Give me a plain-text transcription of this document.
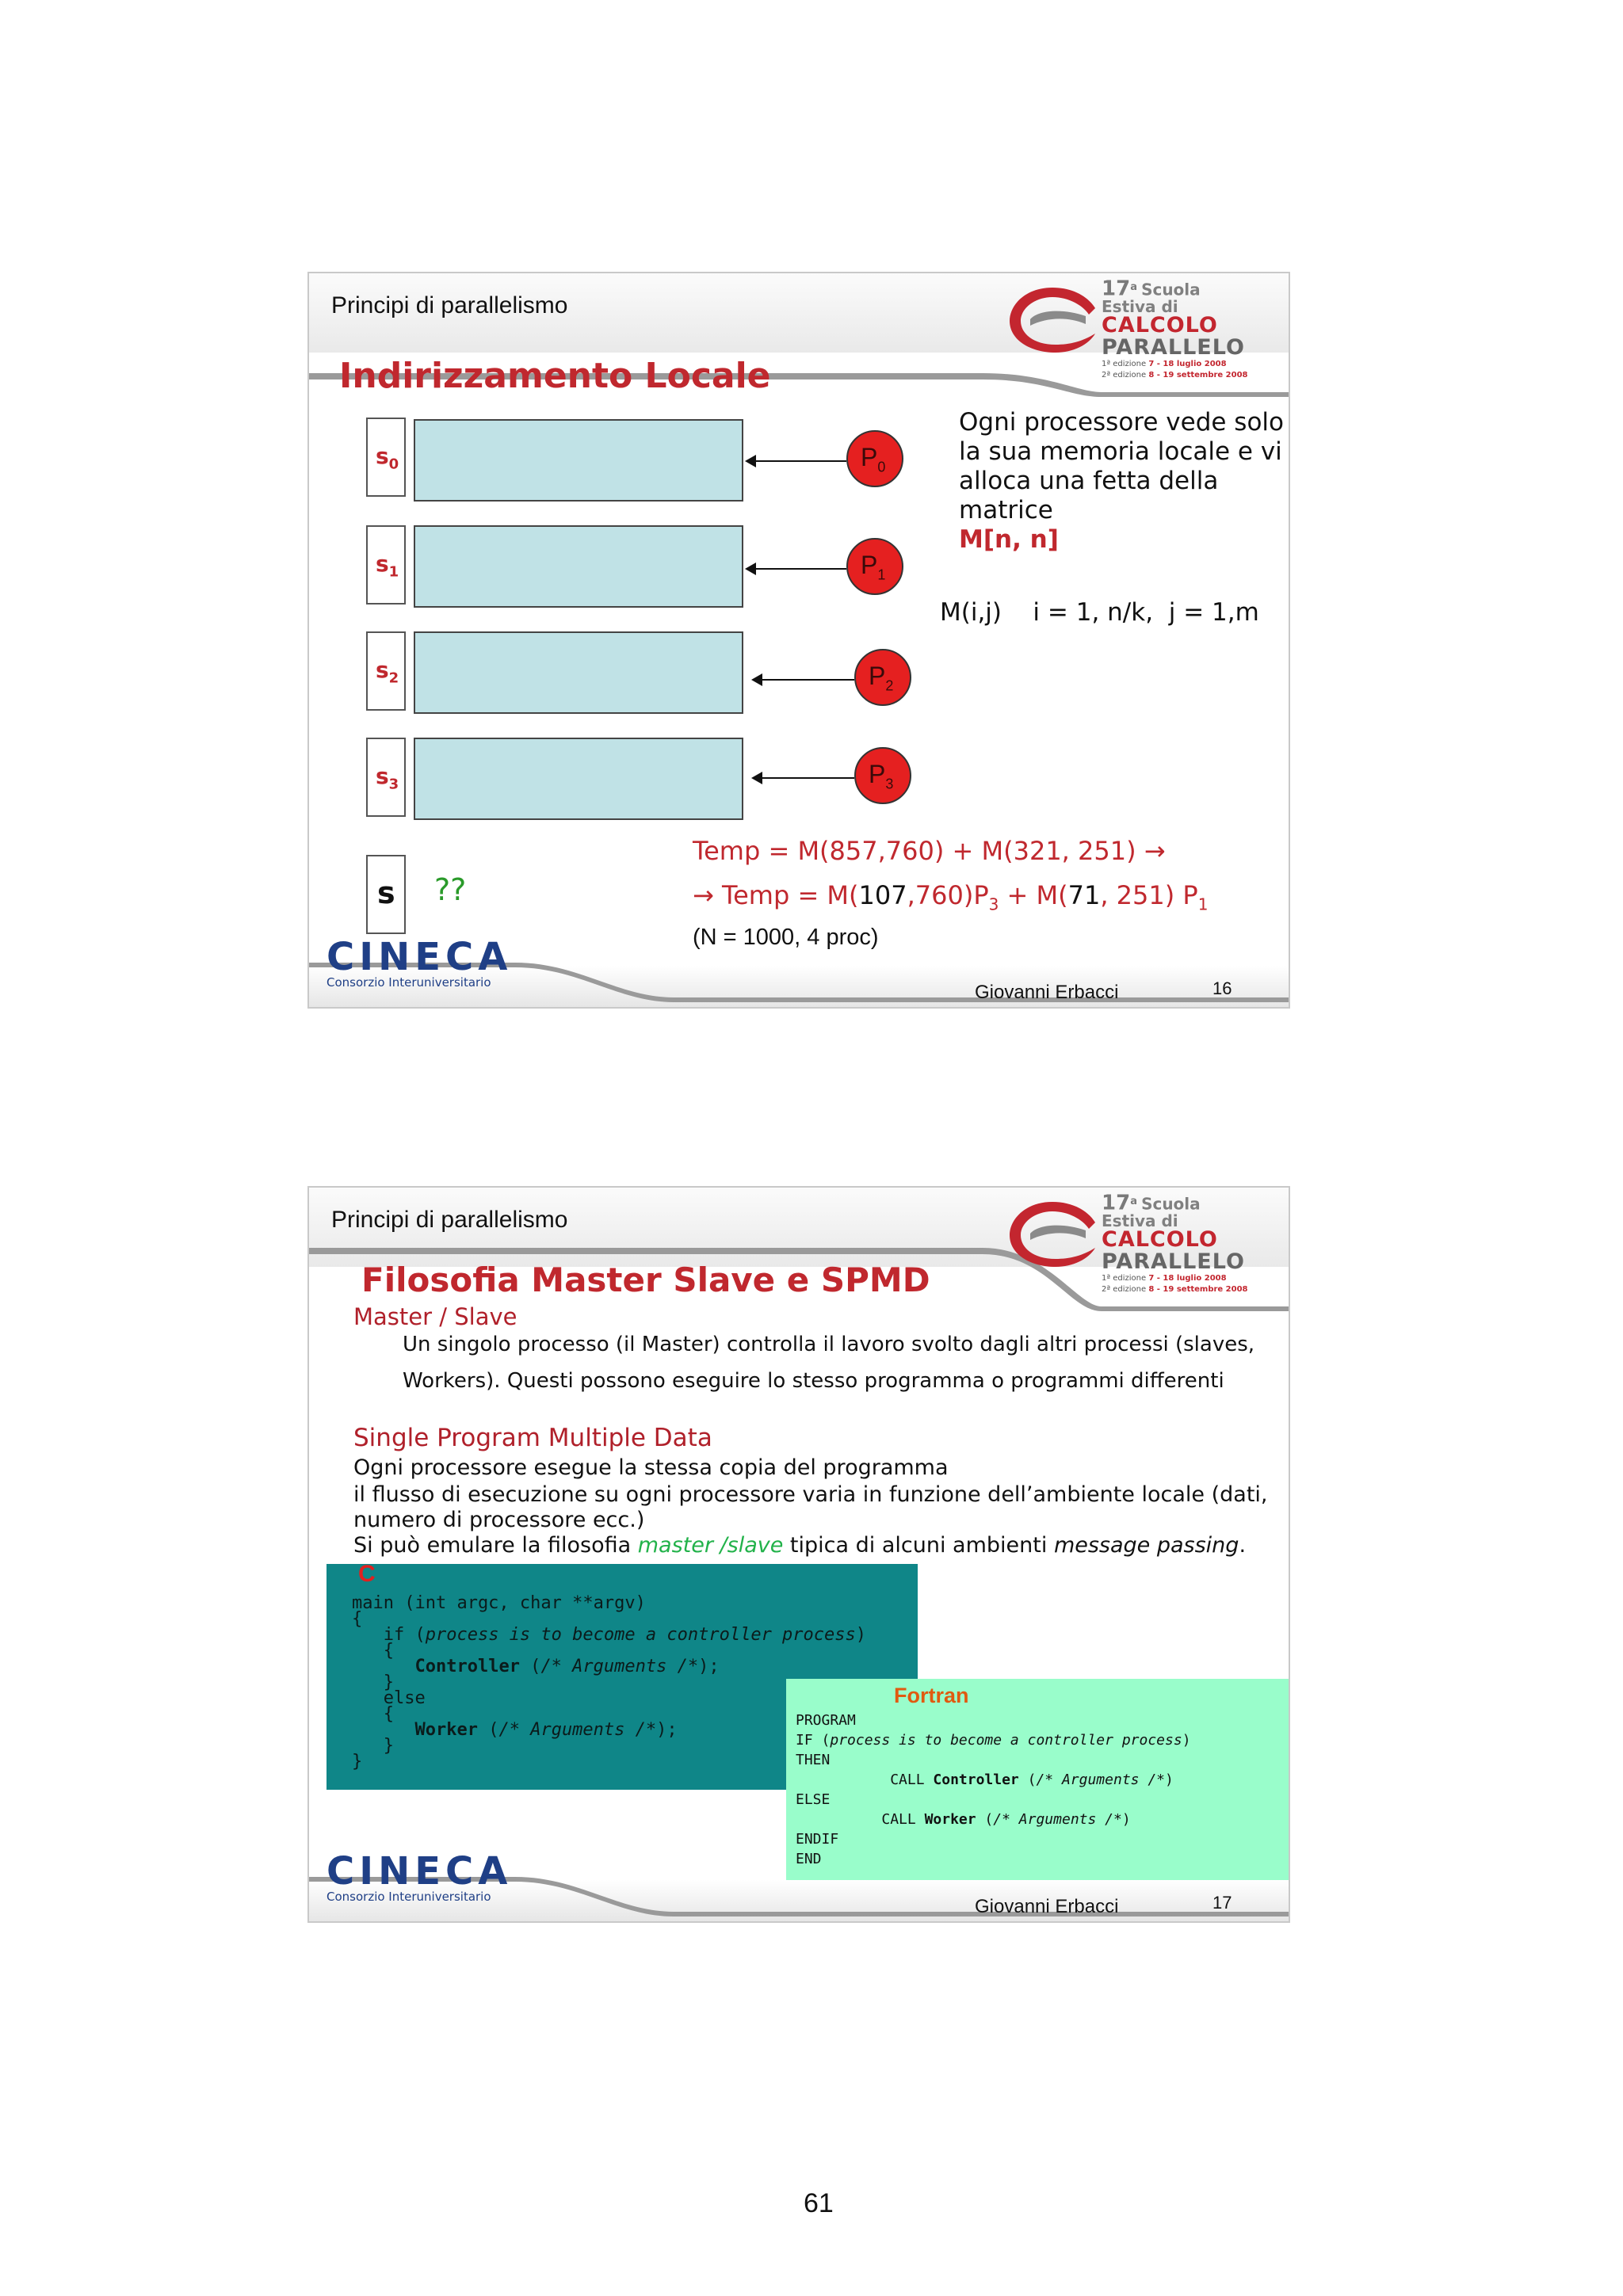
Principi di parallelismo
17$^a$ Scuola
Estiva di
CALCOLO
PARALLELO
1ª edizione 7 - 18 luglio 2008
2ª edizione 8 - 19 settembre 2008
Indirizzamento Locale
$s_0$
$s_1$
$s_2$
$s_3$
$P_0$
$P_1$
$P_2$
$P_3$
Ogni processore vede solo la sua memoria locale e vi alloca una fetta della matrice
M[n, n]
M(i,j)    i = 1, n/k,  j = 1,m
Temp = M(857,760) + M(321, 251) →
→ Temp = $M(107,760)P_3 + M(71$, 251) $P_1$
(N = 1000, 4 proc)
s	??
CINECA
Consorzio Interuniversitario	Giovanni Erbacci	16
Principi di parallelismo
17$^a$ Scuola
Estiva di
CALCOLO
PARALLELO
1ª edizione 7 - 18 luglio 2008
2ª edizione 8 - 19 settembre 2008
Filosofia Master Slave e SPMD
Master / Slave
Un singolo processo (il Master) controlla il lavoro svolto dagli altri processi (slaves,
Workers). Questi possono eseguire lo stesso programma o programmi differenti
Single Program Multiple Data
Ogni processore esegue la stessa copia del programma
il flusso di esecuzione su ogni processore varia in funzione dell’ambiente locale (dati,
numero di processore ecc.)
Si può emulare la filosofia master /slave tipica di alcuni ambienti message passing.
C
main (int argc, char **argv)
{
if (process is to become a controller process)
{
Controller (/* Arguments /*);
}
else
{
Worker (/* Arguments /*);
}
}
Fortran
PROGRAM
IF (process is to become a controller process)
THEN
CALL Controller (/* Arguments /*)
ELSE
CALL Worker (/* Arguments /*)
ENDIF
END
CINECA
Consorzio Interuniversitario	Giovanni Erbacci	17
61
